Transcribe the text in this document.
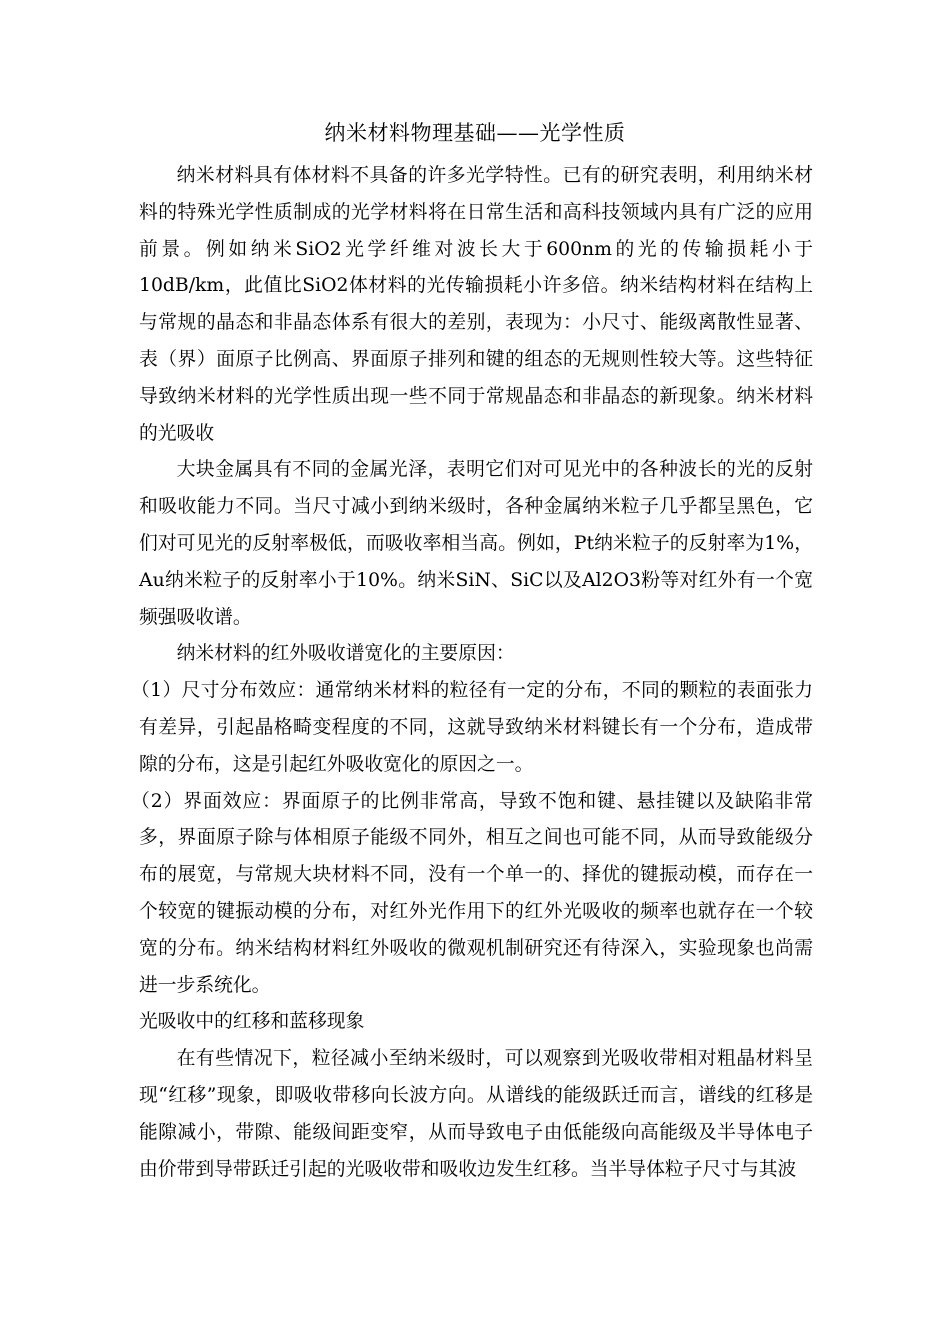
纳米材料物理基础——光学性质

纳米材料具有体材料不具备的许多光学特性。已有的研究表明，利用纳米材料的特殊光学性质制成的光学材料将在日常生活和高科技领域内具有广泛的应用前景。例如纳米SiO2光学纤维对波长大于600nm的光的传输损耗小于10dB/km，此值比SiO2体材料的光传输损耗小许多倍。纳米结构材料在结构上与常规的晶态和非晶态体系有很大的差别，表现为：小尺寸、能级离散性显著、表（界）面原子比例高、界面原子排列和键的组态的无规则性较大等。这些特征导致纳米材料的光学性质出现一些不同于常规晶态和非晶态的新现象。纳米材料的光吸收

大块金属具有不同的金属光泽，表明它们对可见光中的各种波长的光的反射和吸收能力不同。当尺寸减小到纳米级时，各种金属纳米粒子几乎都呈黑色，它们对可见光的反射率极低，而吸收率相当高。例如，Pt纳米粒子的反射率为1%，Au纳米粒子的反射率小于10%。纳米SiN、SiC以及Al2O3粉等对红外有一个宽频强吸收谱。

纳米材料的红外吸收谱宽化的主要原因：

（1）尺寸分布效应：通常纳米材料的粒径有一定的分布，不同的颗粒的表面张力有差异，引起晶格畸变程度的不同，这就导致纳米材料键长有一个分布，造成带隙的分布，这是引起红外吸收宽化的原因之一。

（2）界面效应：界面原子的比例非常高，导致不饱和键、悬挂键以及缺陷非常多，界面原子除与体相原子能级不同外，相互之间也可能不同，从而导致能级分布的展宽，与常规大块材料不同，没有一个单一的、择优的键振动模，而存在一个较宽的键振动模的分布，对红外光作用下的红外光吸收的频率也就存在一个较宽的分布。纳米结构材料红外吸收的微观机制研究还有待深入，实验现象也尚需进一步系统化。

光吸收中的红移和蓝移现象

在有些情况下，粒径减小至纳米级时，可以观察到光吸收带相对粗晶材料呈现“红移”现象，即吸收带移向长波方向。从谱线的能级跃迁而言，谱线的红移是能隙减小，带隙、能级间距变窄，从而导致电子由低能级向高能级及半导体电子由价带到导带跃迁引起的光吸收带和吸收边发生红移。当半导体粒子尺寸与其波
